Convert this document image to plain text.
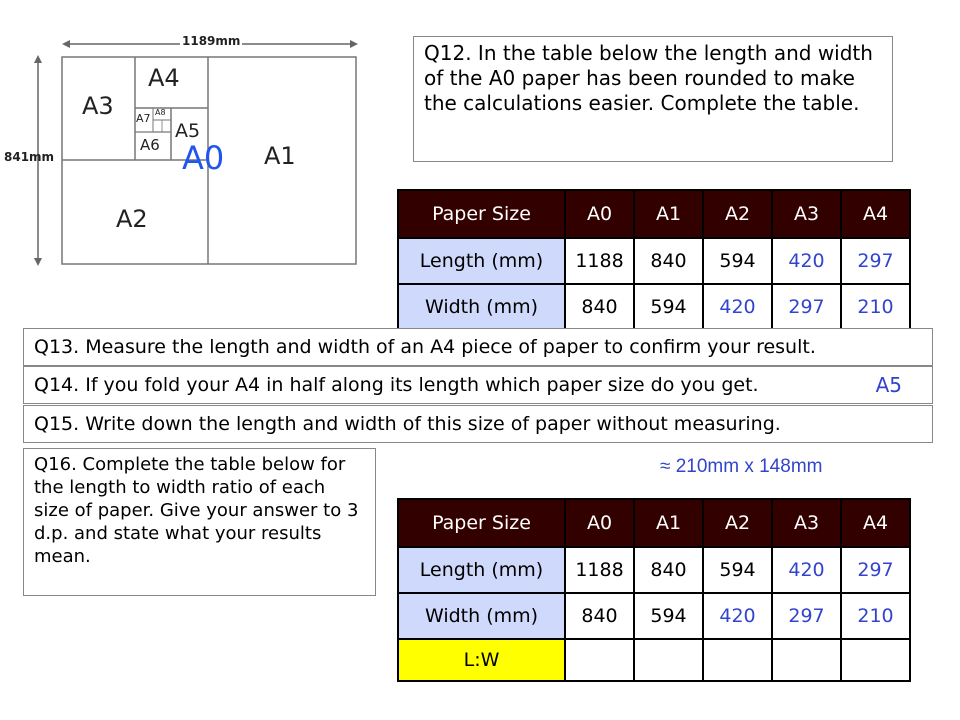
1189mm
841mm
A4
A3 A7 A8
A5
A6 A0 A1
A2
Q12. In the table below the length and width of the A0 paper has been rounded to make the calculations easier. Complete the table.
Paper Size	A0	A1	A2	A3	A4
Length (mm)	1188	840	594	420	297
Width (mm)	840	594	420	297	210
Q13. Measure the length and width of an A4 piece of paper to confirm your result.
Q14. If you fold your A4 in half along its length which paper size do you get.	A5
Q15. Write down the length and width of this size of paper without measuring.
Q16. Complete the table below for the length to width ratio of each size of paper. Give your answer to 3 d.p. and state what your results mean.
≈ 210mm x 148mm
Paper Size	A0	A1	A2	A3	A4
Length (mm)	1188	840	594	420	297
Width (mm)	840	594	420	297	210
L:W					
